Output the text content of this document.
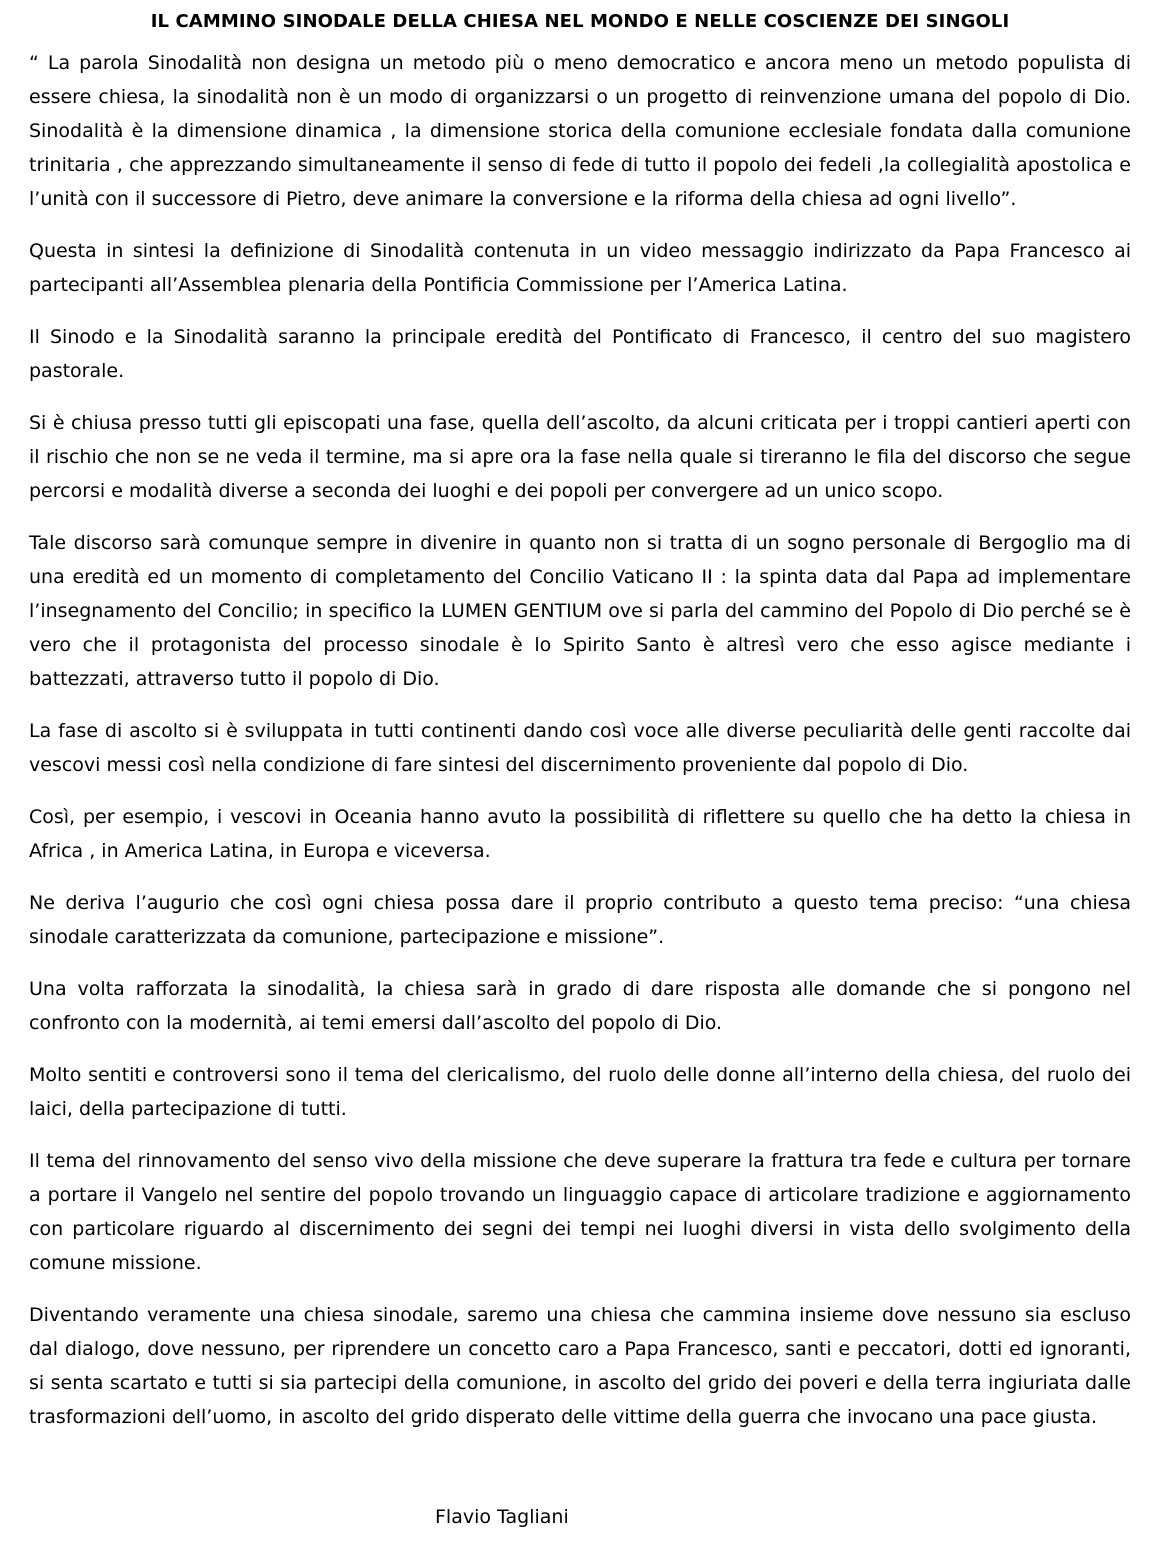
IL CAMMINO SINODALE DELLA CHIESA NEL MONDO E NELLE COSCIENZE DEI SINGOLI

“ La parola Sinodalità non designa un metodo più o meno democratico e ancora meno un metodo populista di essere chiesa, la sinodalità non è un modo di organizzarsi o un progetto di reinvenzione umana del popolo di Dio. Sinodalità è la dimensione dinamica , la dimensione storica della comunione ecclesiale fondata dalla comunione trinitaria , che apprezzando simultaneamente il senso di fede di tutto il popolo dei fedeli ,la collegialità apostolica e l’unità con il successore di Pietro, deve animare la conversione e la riforma della chiesa ad ogni livello”.

Questa in sintesi la definizione di Sinodalità contenuta in un video messaggio indirizzato da Papa Francesco ai partecipanti all’Assemblea plenaria della Pontificia Commissione per l’America Latina.

Il Sinodo e la Sinodalità saranno la principale eredità del Pontificato di Francesco, il centro del suo magistero pastorale.

Si è chiusa presso tutti gli episcopati una fase, quella dell’ascolto, da alcuni criticata per i troppi cantieri aperti con il rischio che non se ne veda il termine, ma si apre ora la fase nella quale si tireranno le fila del discorso che segue percorsi e modalità diverse a seconda dei luoghi e dei popoli per convergere ad un unico scopo.

Tale discorso sarà comunque sempre in divenire in quanto non si tratta di un sogno personale di Bergoglio ma di una eredità ed un momento di completamento del Concilio Vaticano II : la spinta data dal Papa ad implementare l’insegnamento del Concilio; in specifico la LUMEN GENTIUM ove si parla del cammino del Popolo di Dio perché se è vero che il protagonista del processo sinodale è lo Spirito Santo è altresì vero che esso agisce mediante i battezzati, attraverso tutto il popolo di Dio.

La fase di ascolto si è sviluppata in tutti continenti dando così voce alle diverse peculiarità delle genti raccolte dai vescovi messi così nella condizione di fare sintesi del discernimento proveniente dal popolo di Dio.

Così, per esempio, i vescovi in Oceania hanno avuto la possibilità di riflettere su quello che ha detto la chiesa in Africa , in America Latina, in Europa e viceversa.

Ne deriva l’augurio che così ogni chiesa possa dare il proprio contributo a questo tema preciso: “una chiesa sinodale caratterizzata da comunione, partecipazione e missione”.

Una volta rafforzata la sinodalità, la chiesa sarà in grado di dare risposta alle domande che si pongono nel confronto con la modernità, ai temi emersi dall’ascolto del popolo di Dio.

Molto sentiti e controversi sono il tema del clericalismo, del ruolo delle donne all’interno della chiesa, del ruolo dei laici, della partecipazione di tutti.

Il tema del rinnovamento del senso vivo della missione che deve superare la frattura tra fede e cultura per tornare a portare il Vangelo nel sentire del popolo trovando un linguaggio capace di articolare tradizione e aggiornamento con particolare riguardo al discernimento dei segni dei tempi nei luoghi diversi in vista dello svolgimento della comune missione.

Diventando veramente una chiesa sinodale, saremo una chiesa che cammina insieme dove nessuno sia escluso dal dialogo, dove nessuno, per riprendere un concetto caro a Papa Francesco, santi e peccatori, dotti ed ignoranti, si senta scartato e tutti si sia partecipi della comunione, in ascolto del grido dei poveri e della terra ingiuriata dalle trasformazioni dell’uomo, in ascolto del grido disperato delle vittime della guerra che invocano una pace giusta.

Flavio Tagliani
